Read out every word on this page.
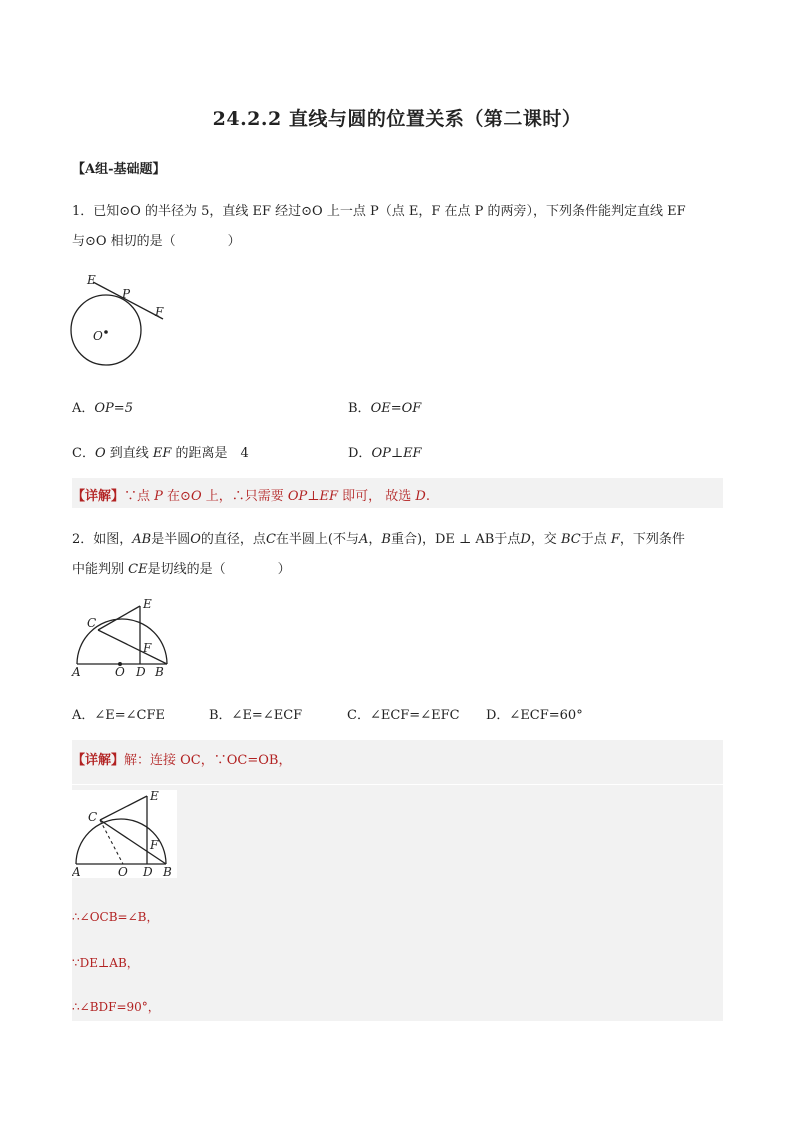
24.2.2 直线与圆的位置关系（第二课时）
【A组-基础题】
1．已知⊙O 的半径为 5，直线 EF 经过⊙O 上一点 P（点 E，F 在点 P 的两旁），下列条件能判定直线 EF
与⊙O 相切的是（　　　　）
E
P
F
O
A．OP=5	B．OE=OF
C．O 到直线 EF 的距离是　4	D．OP⊥EF
【详解】∵点 P 在⊙O 上，∴只需要 OP⊥EF 即可， 故选 D.
2．如图，AB是半圆O的直径，点C在半圆上(不与A，B重合)，DE ⊥ AB于点D，交 BC于点 F，下列条件
中能判别 CE是切线的是（　　　　）
E
C
F
A	O D B
A．∠E=∠CFE	B．∠E=∠ECF	C．∠ECF=∠EFC D．∠ECF=60°
【详解】解：连接 OC，∵OC=OB，
E
C
F
A	O D B
∴∠OCB=∠B，
∵DE⊥AB，
∴∠BDF=90°，
